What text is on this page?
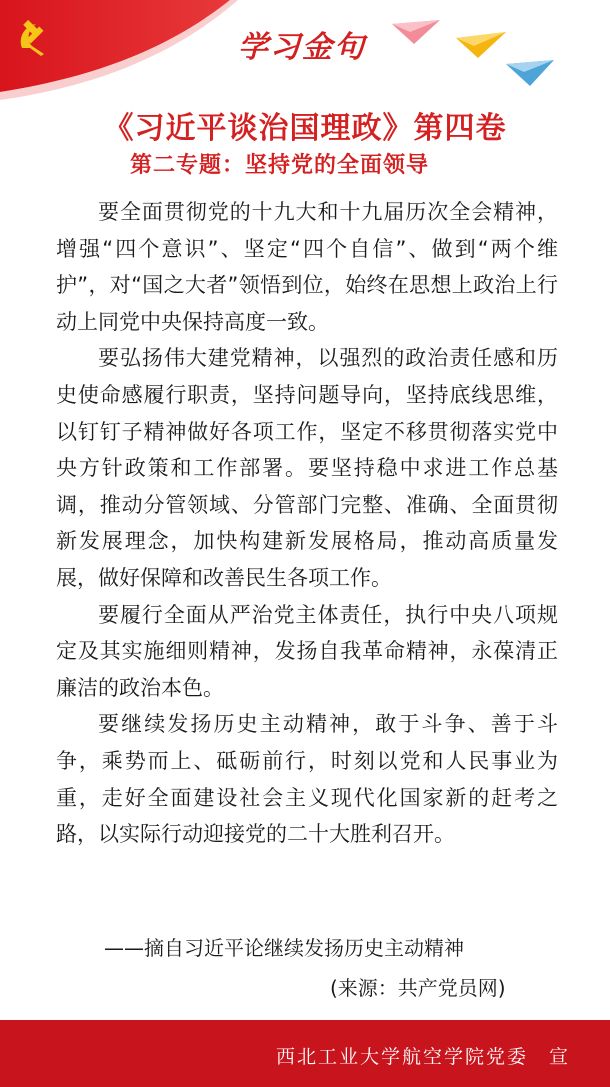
学习金句
《习近平谈治国理政》第四卷
第二专题：坚持党的全面领导

要全面贯彻党的十九大和十九届历次全会精神，增强“四个意识”、坚定“四个自信”、做到“两个维护”，对“国之大者”领悟到位，始终在思想上政治上行动上同党中央保持高度一致。

要弘扬伟大建党精神，以强烈的政治责任感和历史使命感履行职责，坚持问题导向，坚持底线思维，以钉钉子精神做好各项工作，坚定不移贯彻落实党中央方针政策和工作部署。要坚持稳中求进工作总基调，推动分管领域、分管部门完整、准确、全面贯彻新发展理念，加快构建新发展格局，推动高质量发展，做好保障和改善民生各项工作。

要履行全面从严治党主体责任，执行中央八项规定及其实施细则精神，发扬自我革命精神，永葆清正廉洁的政治本色。

要继续发扬历史主动精神，敢于斗争、善于斗争，乘势而上、砥砺前行，时刻以党和人民事业为重，走好全面建设社会主义现代化国家新的赶考之路，以实际行动迎接党的二十大胜利召开。

——摘自习近平论继续发扬历史主动精神
(来源：共产党员网)
西北工业大学航空学院党委　宣
